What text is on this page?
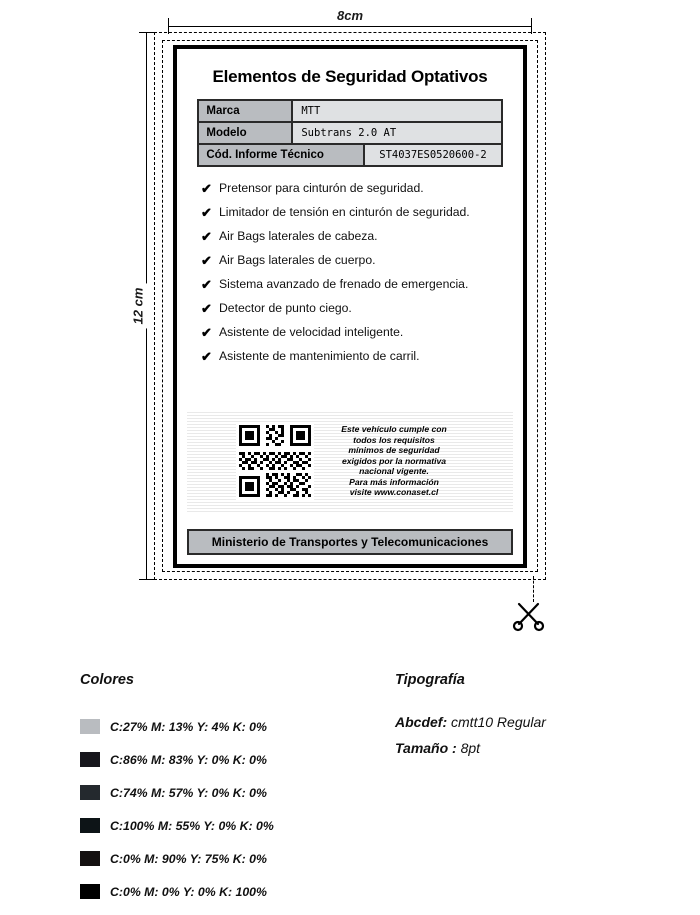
8cm
12 cm
Elementos de Seguridad Optativos
Marca	MTT
Modelo	Subtrans 2.0 AT
Cód. Informe Técnico	ST4037ES0520600-2
✔ Pretensor para cinturón de seguridad.
✔ Limitador de tensión en cinturón de seguridad.
✔ Air Bags laterales de cabeza.
✔ Air Bags laterales de cuerpo.
✔ Sistema avanzado de frenado de emergencia.
✔ Detector de punto ciego.
✔ Asistente de velocidad inteligente.
✔ Asistente de mantenimiento de carril.
Este vehículo cumple con
todos los requisitos
mínimos de seguridad
exigidos por la normativa
nacional vigente.
Para más información
visite www.conaset.cl
Ministerio de Transportes y Telecomunicaciones
Colores
C:27% M: 13% Y: 4% K: 0%
C:86% M: 83% Y: 0% K: 0%
C:74% M: 57% Y: 0% K: 0%
C:100% M: 55% Y: 0% K: 0%
C:0% M: 90% Y: 75% K: 0%
C:0% M: 0% Y: 0% K: 100%
Tipografía
Abcdef: cmtt10 Regular
Tamaño : 8pt
